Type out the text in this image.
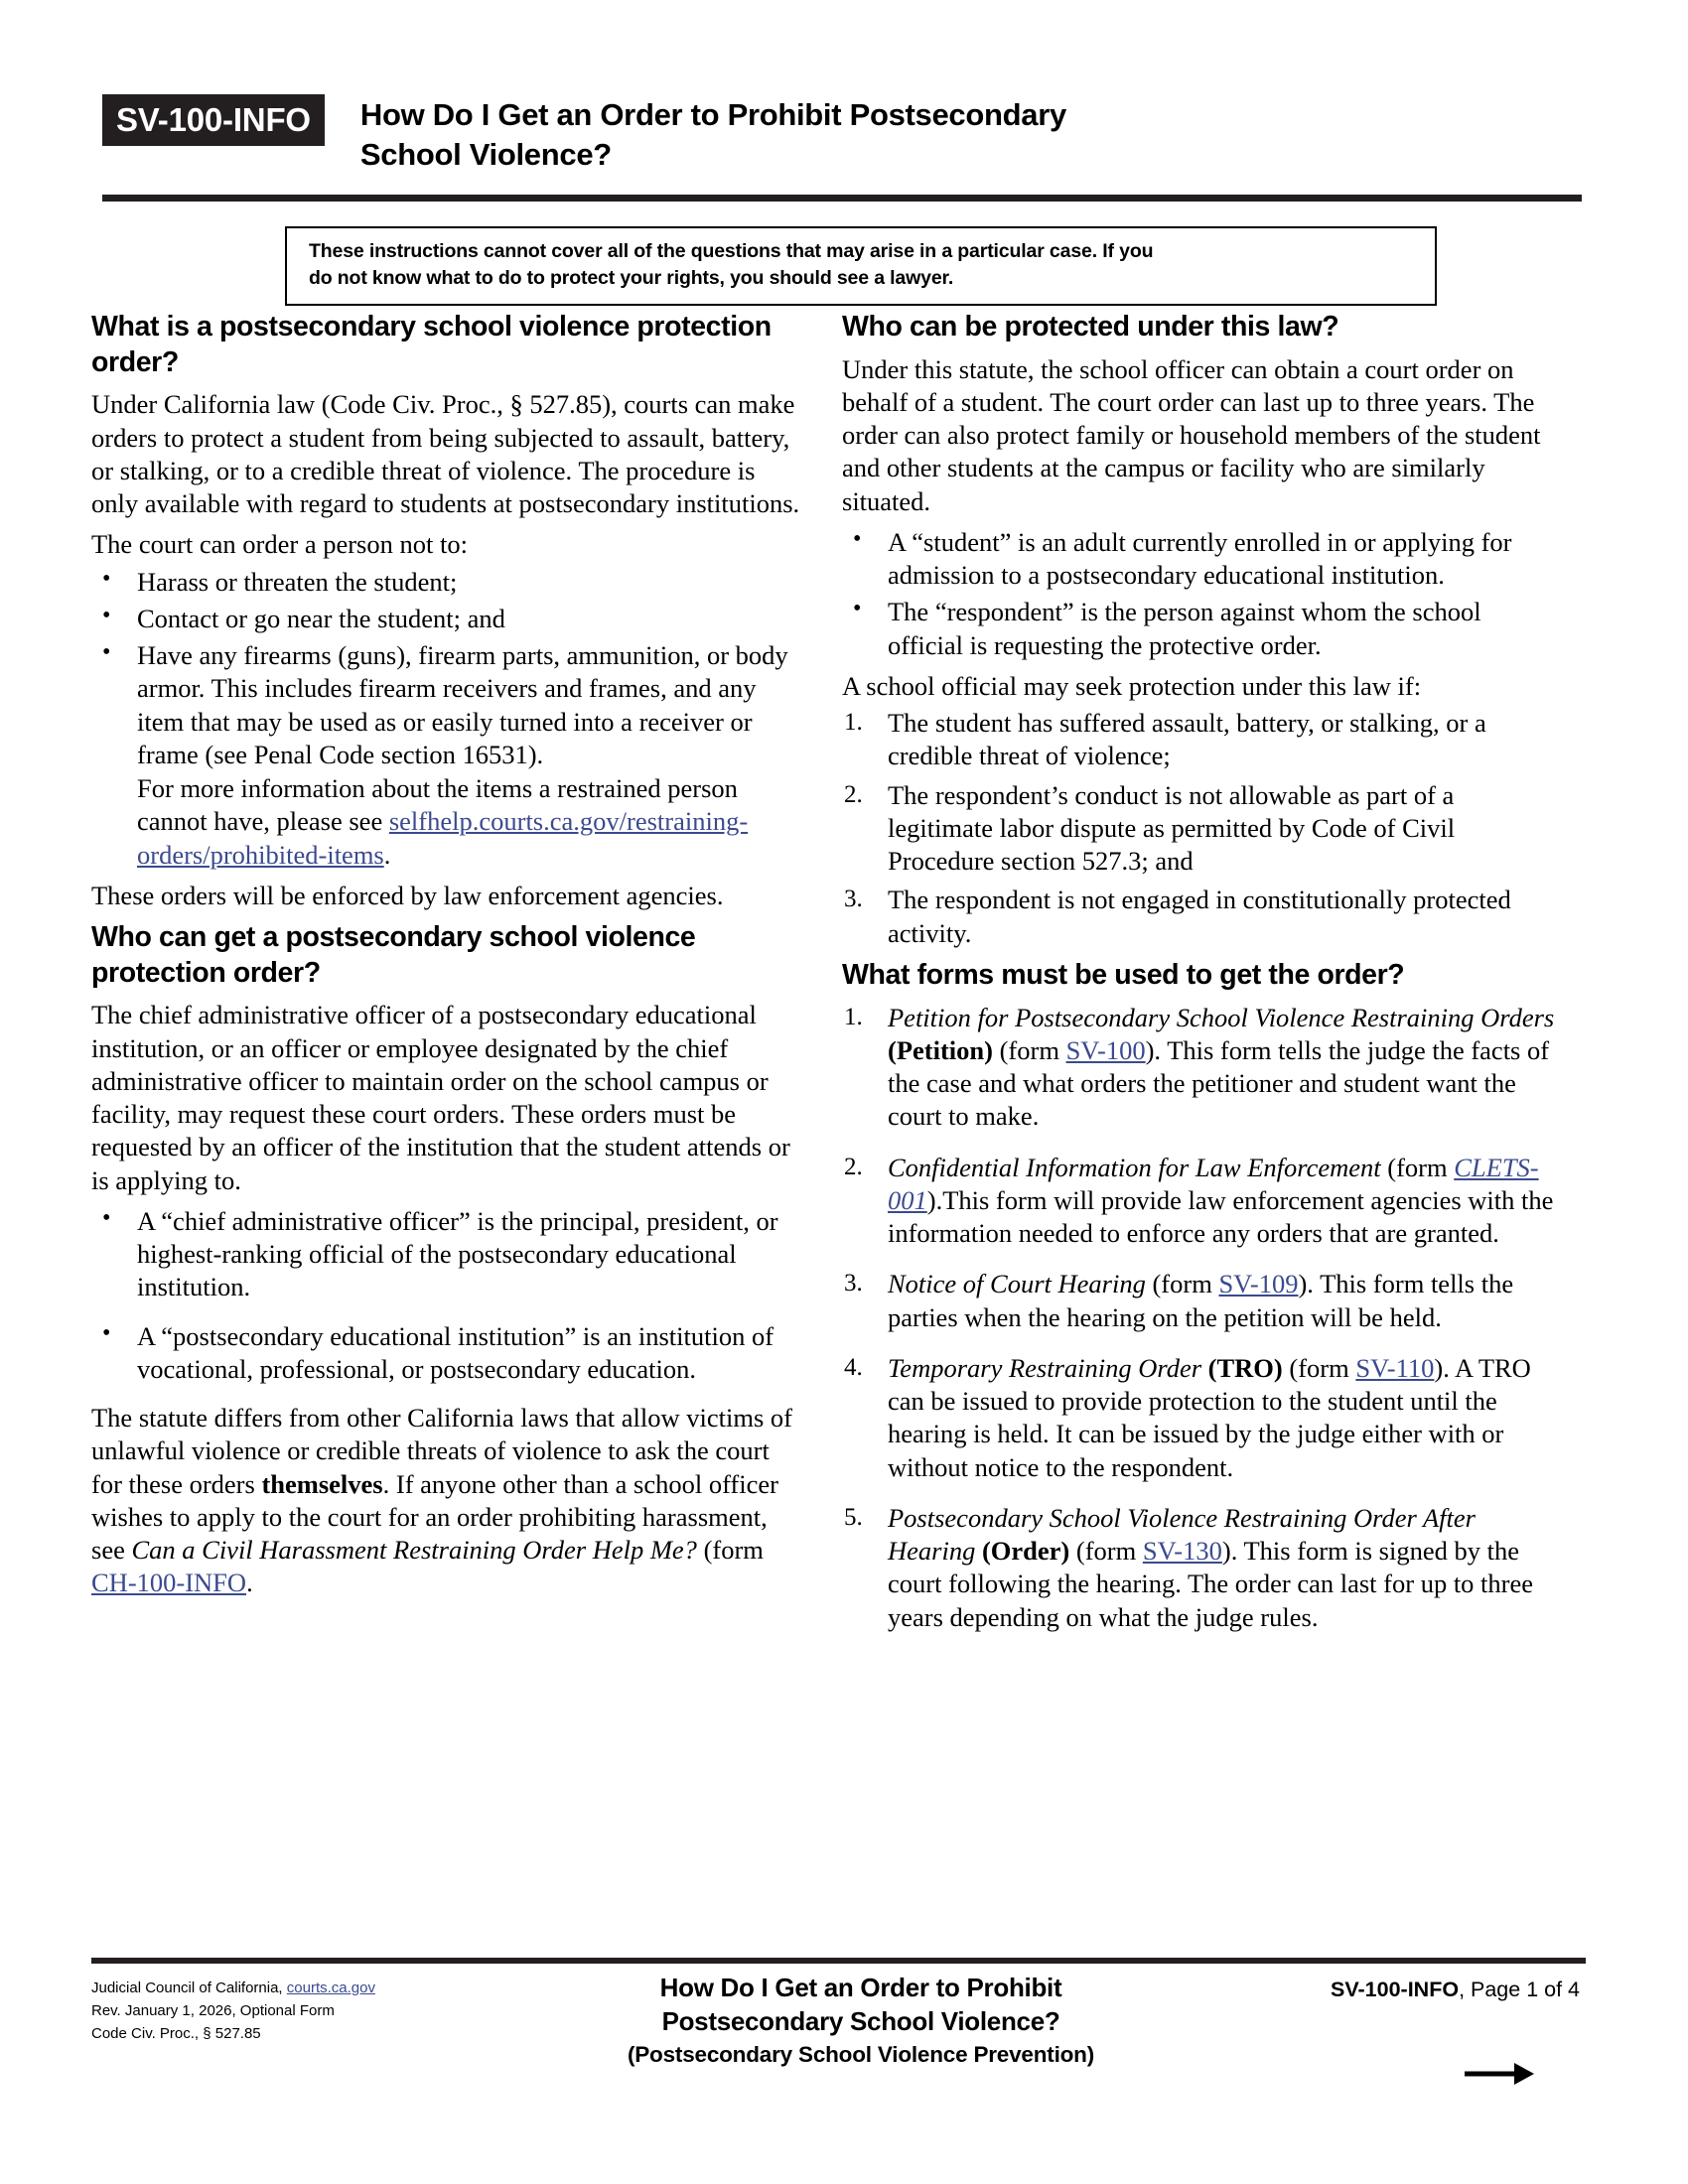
SV-100-INFO	How Do I Get an Order to Prohibit Postsecondary
School Violence?
These instructions cannot cover all of the questions that may arise in a particular case. If you
do not know what to do to protect your rights, you should see a lawyer.
What is a postsecondary school violence protection order?

Under California law (Code Civ. Proc., § 527.85), courts can make orders to protect a student from being subjected to assault, battery, or stalking, or to a credible threat of violence. The procedure is only available with regard to students at postsecondary institutions.

The court can order a person not to:

• Harass or threaten the student;
• Contact or go near the student; and
• Have any firearms (guns), firearm parts, ammunition, or body armor. This includes firearm receivers and frames, and any item that may be used as or easily turned into a receiver or frame (see Penal Code section 16531).
For more information about the items a restrained person cannot have, please see selfhelp.courts.ca.gov/restraining-orders/prohibited-items.

These orders will be enforced by law enforcement agencies.

Who can get a postsecondary school violence protection order?

The chief administrative officer of a postsecondary educational institution, or an officer or employee designated by the chief administrative officer to maintain order on the school campus or facility, may request these court orders. These orders must be requested by an officer of the institution that the student attends or is applying to.

• A “chief administrative officer” is the principal, president, or highest-ranking official of the postsecondary educational institution.
• A “postsecondary educational institution” is an institution of vocational, professional, or postsecondary education.

The statute differs from other California laws that allow victims of unlawful violence or credible threats of violence to ask the court for these orders themselves. If anyone other than a school officer wishes to apply to the court for an order prohibiting harassment, see Can a Civil Harassment Restraining Order Help Me? (form CH-100-INFO.

Who can be protected under this law?

Under this statute, the school officer can obtain a court order on behalf of a student. The court order can last up to three years. The order can also protect family or household members of the student and other students at the campus or facility who are similarly situated.

• A “student” is an adult currently enrolled in or applying for admission to a postsecondary educational institution.
• The “respondent” is the person against whom the school official is requesting the protective order.

A school official may seek protection under this law if:

1. The student has suffered assault, battery, or stalking, or a credible threat of violence;
2. The respondent’s conduct is not allowable as part of a legitimate labor dispute as permitted by Code of Civil Procedure section 527.3; and
3. The respondent is not engaged in constitutionally protected activity.
What forms must be used to get the order?
1. Petition for Postsecondary School Violence Restraining Orders (Petition) (form SV-100). This form tells the judge the facts of the case and what orders the petitioner and student want the court to make.
2. Confidential Information for Law Enforcement (form CLETS-001).This form will provide law enforcement agencies with the information needed to enforce any orders that are granted.
3. Notice of Court Hearing (form SV-109). This form tells the parties when the hearing on the petition will be held.
4. Temporary Restraining Order (TRO) (form SV-110). A TRO can be issued to provide protection to the student until the hearing is held. It can be issued by the judge either with or without notice to the respondent.
5. Postsecondary School Violence Restraining Order After Hearing (Order) (form SV-130). This form is signed by the court following the hearing. The order can last for up to three years depending on what the judge rules.
Judicial Council of California, courts.ca.gov
Rev. January 1, 2026, Optional Form
Code Civ. Proc., § 527.85
How Do I Get an Order to Prohibit
Postsecondary School Violence?
(Postsecondary School Violence Prevention)
SV-100-INFO, Page 1 of 4
